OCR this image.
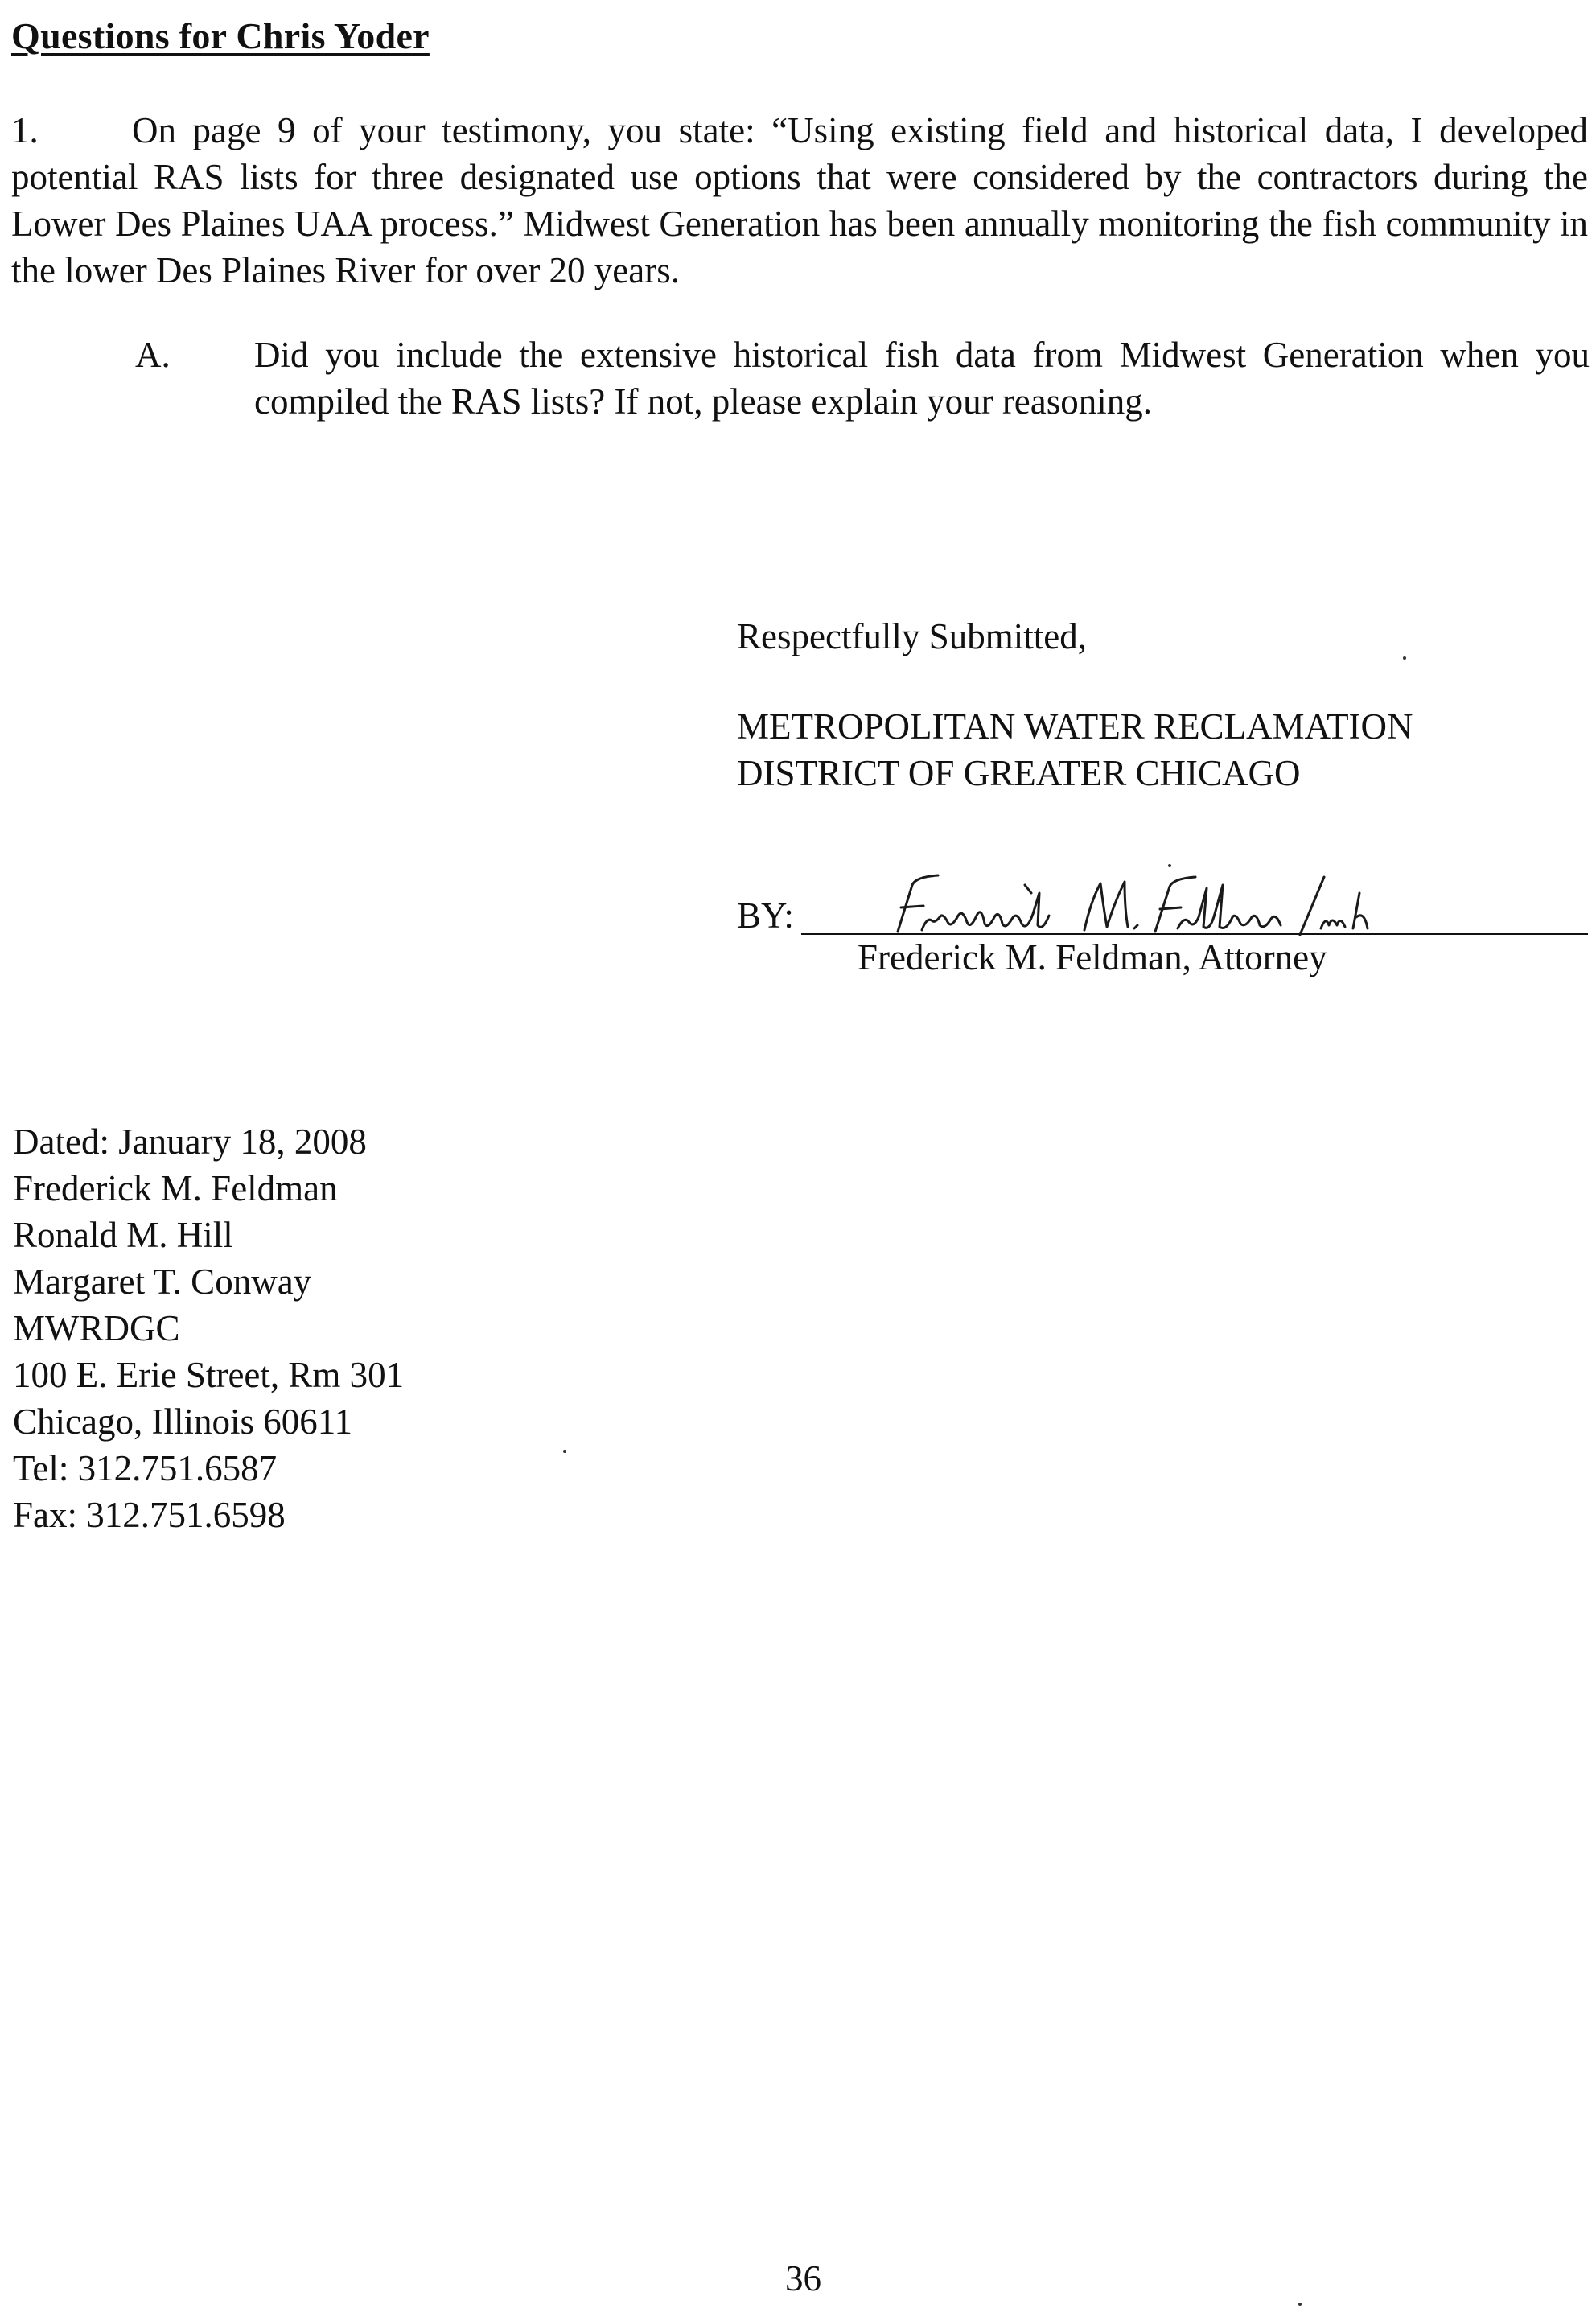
Questions for Chris Yoder
1.	On page 9 of your testimony, you state: “Using existing field and historical data, I developed potential RAS lists for three designated use options that were considered by the contractors during the Lower Des Plaines UAA process.” Midwest Generation has been annually monitoring the fish community in the lower Des Plaines River for over 20 years.
A. Did you include the extensive historical fish data from Midwest Generation when you compiled the RAS lists? If not, please explain your reasoning.
Respectfully Submitted,
METROPOLITAN WATER RECLAMATION
DISTRICT OF GREATER CHICAGO
BY:
Frederick M. Feldman, Attorney
Dated: January 18, 2008
Frederick M. Feldman
Ronald M. Hill
Margaret T. Conway
MWRDGC
100 E. Erie Street, Rm 301
Chicago, Illinois 60611
Tel: 312.751.6587
Fax: 312.751.6598
36
